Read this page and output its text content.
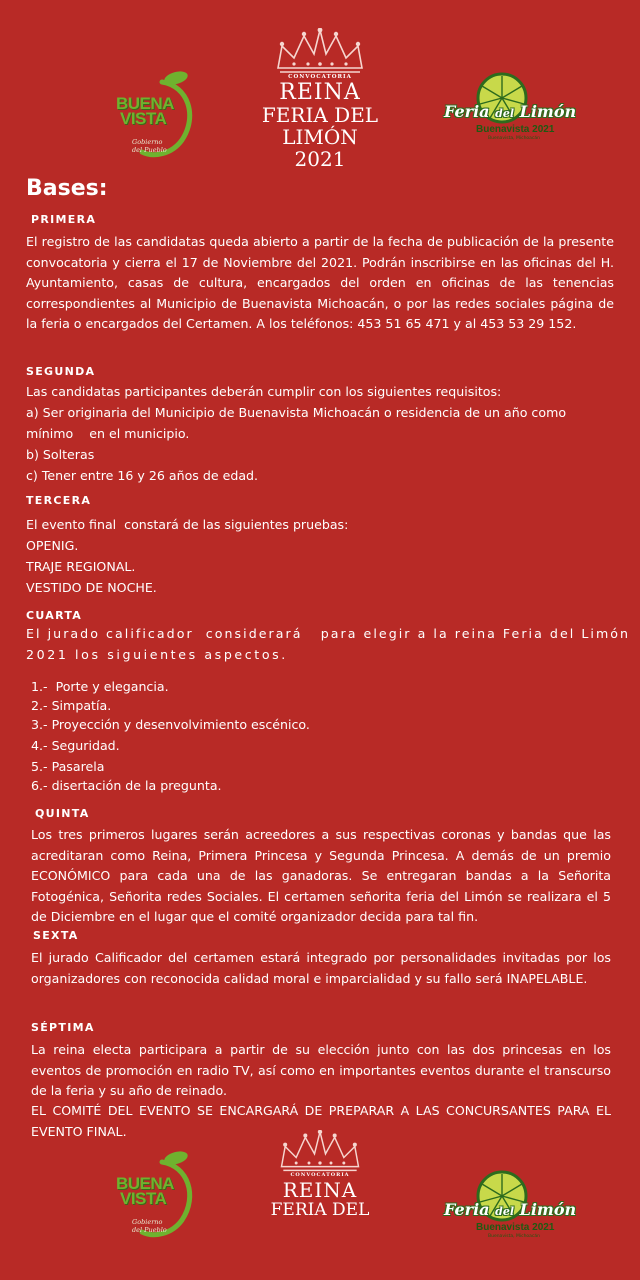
BUENA
VISTA
Gobierno
del Pueblo
CONVOCATORIA
REINA
FERIA DEL
LIMÓN
2021
Feria del Limón
Buenavista 2021
Buenavista, Michoacán
Bases:
PRIMERA
El registro de las candidatas queda abierto a partir de la fecha de publicación de la presente convocatoria y cierra el 17 de Noviembre del 2021. Podrán inscribirse en las oficinas del H. Ayuntamiento, casas de cultura, encargados del orden en oficinas de las tenencias correspondientes al Municipio de Buenavista Michoacán, o por las redes sociales página de la feria o encargados del Certamen. A los teléfonos: 453 51 65 471 y al 453 53 29 152.
SEGUNDA
Las candidatas participantes deberán cumplir con los siguientes requisitos:
a) Ser originaria del Municipio de Buenavista Michoacán o residencia de un año como
mínimo    en el municipio.
b) Solteras
c) Tener entre 16 y 26 años de edad.
TERCERA
El evento final  constará de las siguientes pruebas:
OPENIG.
TRAJE REGIONAL.
VESTIDO DE NOCHE.
CUARTA
El jurado calificador  considerará   para elegir a la reina Feria del Limón
2021 los siguientes aspectos.
1.-  Porte y elegancia.
2.- Simpatía.
3.- Proyección y desenvolvimiento escénico.
4.- Seguridad.
5.- Pasarela
6.- disertación de la pregunta.
QUINTA
Los tres primeros lugares serán acreedores a sus respectivas coronas y bandas que las acreditaran como Reina, Primera Princesa y Segunda Princesa. A demás de un premio ECONÓMICO para cada una de las ganadoras. Se entregaran bandas a la Señorita Fotogénica, Señorita redes Sociales. El certamen señorita feria del Limón se realizara el 5 de Diciembre en el lugar que el comité organizador decida para tal fin.
SEXTA
El jurado Calificador del certamen estará integrado por personalidades invitadas por los organizadores con reconocida calidad moral e imparcialidad y su fallo será INAPELABLE.
SÉPTIMA
La reina electa participara a partir de su elección junto con las dos princesas en los eventos de promoción en radio TV, así como en importantes eventos durante el transcurso de la feria y su año de reinado.
EL COMITÉ DEL EVENTO SE ENCARGARÁ DE PREPARAR A LAS CONCURSANTES PARA EL EVENTO FINAL.
BUENA
VISTA
Gobierno
del Pueblo
CONVOCATORIA
REINA
FERIA DEL	Feria del Limón
Buenavista 2021
Buenavista, Michoacán
